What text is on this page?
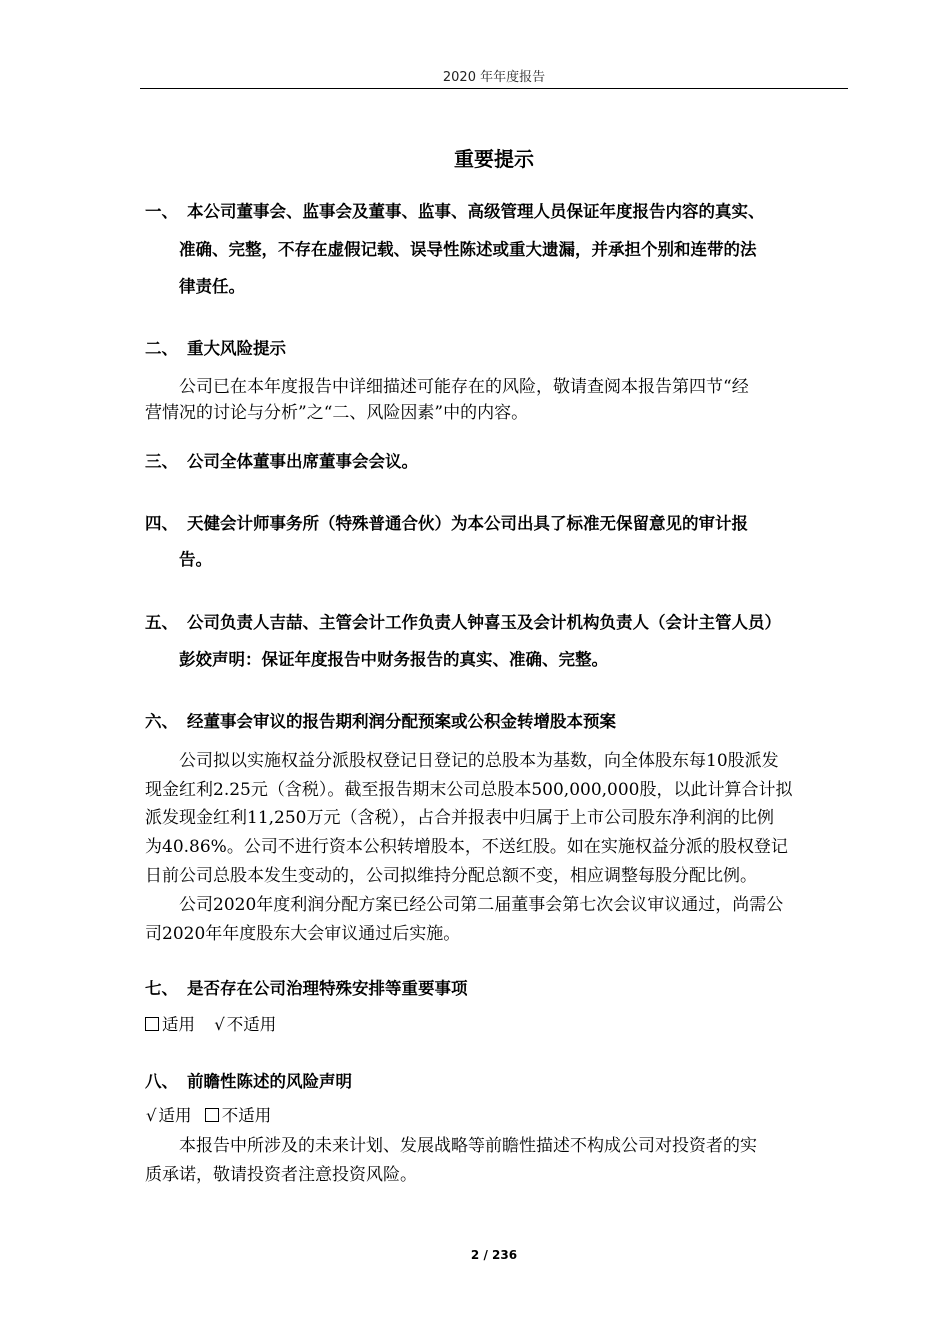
2020 年年度报告
重要提示
一、 本公司董事会、监事会及董事、监事、高级管理人员保证年度报告内容的真实、
准确、完整，不存在虚假记载、误导性陈述或重大遗漏，并承担个别和连带的法
律责任。
二、 重大风险提示
公司已在本年度报告中详细描述可能存在的风险，敬请查阅本报告第四节“经
营情况的讨论与分析”之“二、风险因素”中的内容。
三、 公司全体董事出席董事会会议。
四、 天健会计师事务所（特殊普通合伙）为本公司出具了标准无保留意见的审计报
告。
五、 公司负责人吉喆、主管会计工作负责人钟喜玉及会计机构负责人（会计主管人员）
彭姣声明：保证年度报告中财务报告的真实、准确、完整。
六、 经董事会审议的报告期利润分配预案或公积金转增股本预案
公司拟以实施权益分派股权登记日登记的总股本为基数，向全体股东每10股派发
现金红利2.25元（含税）。截至报告期末公司总股本500,000,000股，以此计算合计拟
派发现金红利11,250万元（含税），占合并报表中归属于上市公司股东净利润的比例
为40.86%。公司不进行资本公积转增股本，不送红股。如在实施权益分派的股权登记
日前公司总股本发生变动的，公司拟维持分配总额不变，相应调整每股分配比例。
公司2020年度利润分配方案已经公司第二届董事会第七次会议审议通过，尚需公
司2020年年度股东大会审议通过后实施。
七、 是否存在公司治理特殊安排等重要事项
适用 √ 不适用
八、 前瞻性陈述的风险声明
√ 适用 不适用
本报告中所涉及的未来计划、发展战略等前瞻性描述不构成公司对投资者的实
质承诺，敬请投资者注意投资风险。
2 / 236
